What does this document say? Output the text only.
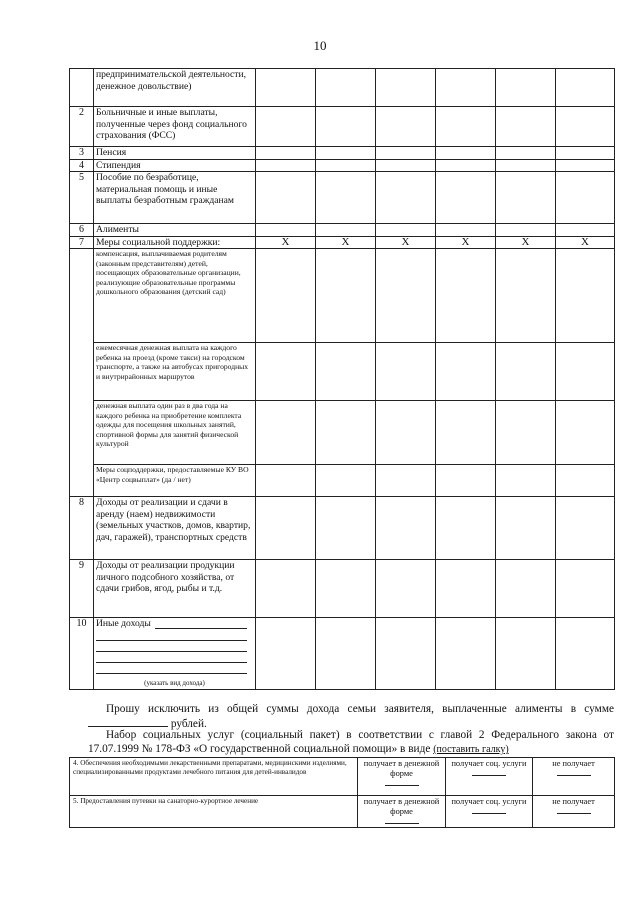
10
	предпринимательской деятельности, денежное довольствие)						
2	Больничные и иные выплаты, полученные через фонд социального страхования (ФСС)						
3	Пенсия						
4	Стипендия						
5	Пособие по безработице, материальная помощь и иные выплаты безработным гражданам						
6	Алименты						
7	Меры социальной поддержки:	X	X	X	X	X	X
	компенсация, выплачиваемая родителям (законным представителям) детей, посещающих образовательные организации, реализующие образовательные программы дошкольного образования (детский сад)						
	ежемесячная денежная выплата на каждого ребенка на проезд (кроме такси) на городском транспорте, а также на автобусах пригородных и внутрирайонных маршрутов						
	денежная выплата один раз в два года на каждого ребенка на приобретение комплекта одежды для посещения школьных занятий, спортивной формы для занятий физической культурой						
	Меры соцподдержки, предоставляемые КУ ВО «Центр соцвыплат» (да / нет)						
8	Доходы от реализации и сдачи в аренду (наем) недвижимости (земельных участков, домов, квартир, дач, гаражей), транспортных средств						
9	Доходы от реализации продукции личного подсобного хозяйства, от сдачи грибов, ягод, рыбы и т.д.						
10	Иные доходы
(указать вид дохода)						

Прошу исключить из общей суммы дохода семьи заявителя, выплаченные алименты в сумме  рублей.
Набор социальных услуг (социальный пакет) в соответствии с главой 2 Федерального закона от 17.07.1999 № 178-ФЗ «О государственной социальной помощи» в виде (поставить галку)
4. Обеспечения необходимыми лекарственными препаратами, медицинскими изделиями, специализированными продуктами лечебного питания для детей-инвалидов	получает в денежной форме	получает соц. услуги	не получает

5. Предоставления путевки на санаторно-курортное лечение	получает в денежной форме	получает соц. услуги	не получает
